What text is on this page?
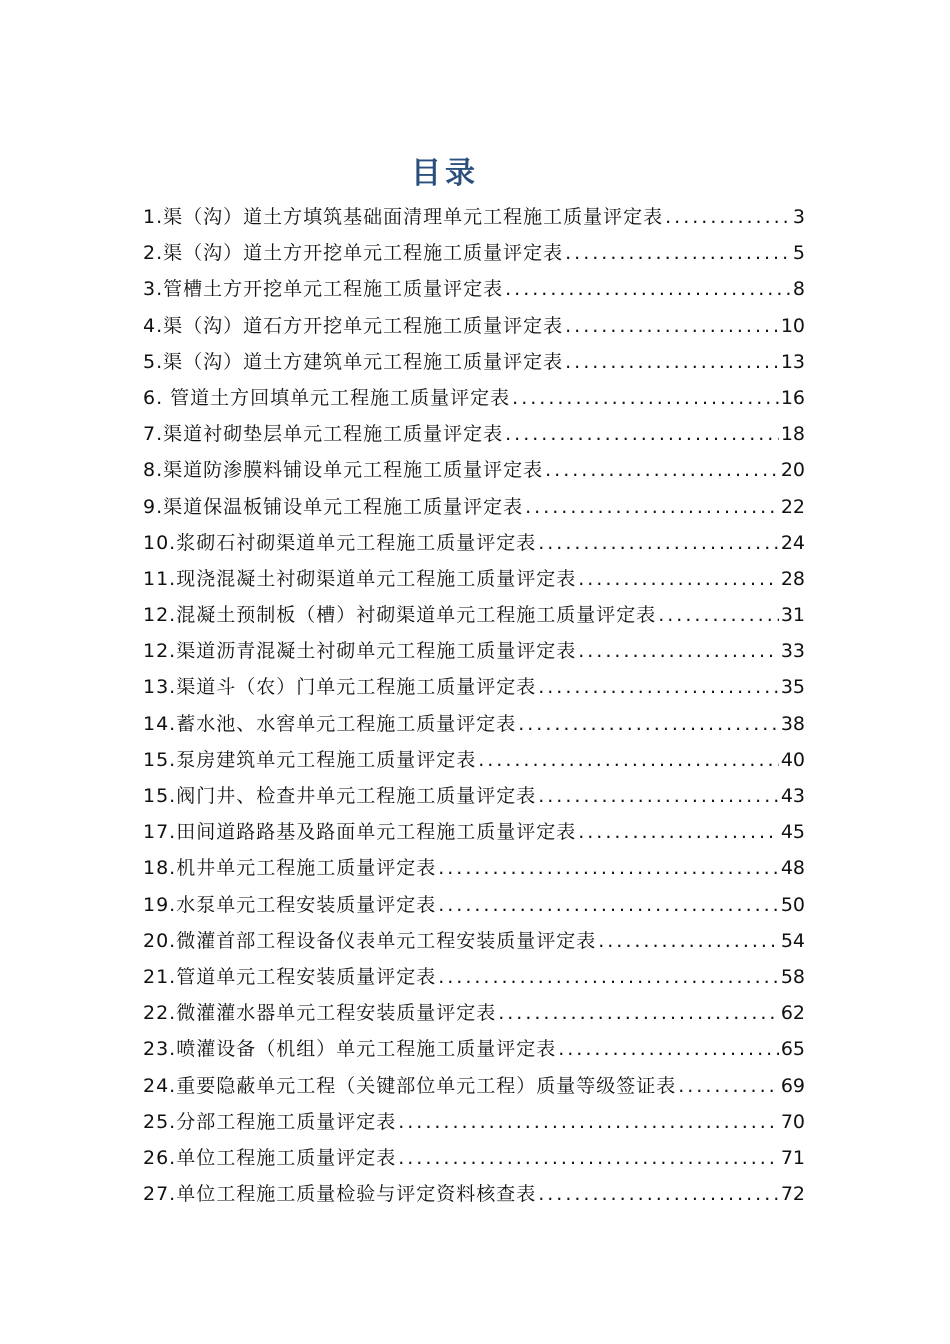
目录
1.渠（沟）道土方填筑基础面清理单元工程施工质量评定表 .....	3
2.渠（沟）道土方开挖单元工程施工质量评定表 .....	5
3.管槽土方开挖单元工程施工质量评定表 .....	8
4.渠（沟）道石方开挖单元工程施工质量评定表 .....	10
5.渠（沟）道土方建筑单元工程施工质量评定表 .....	13
6. 管道土方回填单元工程施工质量评定表 .....	16
7.渠道衬砌垫层单元工程施工质量评定表 .....	18
8.渠道防渗膜料铺设单元工程施工质量评定表 .....	20
9.渠道保温板铺设单元工程施工质量评定表 .....	22
10.浆砌石衬砌渠道单元工程施工质量评定表 .....	24
11.现浇混凝土衬砌渠道单元工程施工质量评定表 .....	28
12.混凝土预制板（槽）衬砌渠道单元工程施工质量评定表 .....	31
12.渠道沥青混凝土衬砌单元工程施工质量评定表 .....	33
13.渠道斗（农）门单元工程施工质量评定表 .....	35
14.蓄水池、水窖单元工程施工质量评定表 .....	38
15.泵房建筑单元工程施工质量评定表 .....	40
15.阀门井、检查井单元工程施工质量评定表 .....	43
17.田间道路路基及路面单元工程施工质量评定表 .....	45
18.机井单元工程施工质量评定表 .....	48
19.水泵单元工程安装质量评定表 .....	50
20.微灌首部工程设备仪表单元工程安装质量评定表 .....	54
21.管道单元工程安装质量评定表 .....	58
22.微灌灌水器单元工程安装质量评定表 .....	62
23.喷灌设备（机组）单元工程施工质量评定表 .....	65
24.重要隐蔽单元工程（关键部位单元工程）质量等级签证表 .....	69
25.分部工程施工质量评定表 .....	70
26.单位工程施工质量评定表 .....	71
27.单位工程施工质量检验与评定资料核查表 .....	72
